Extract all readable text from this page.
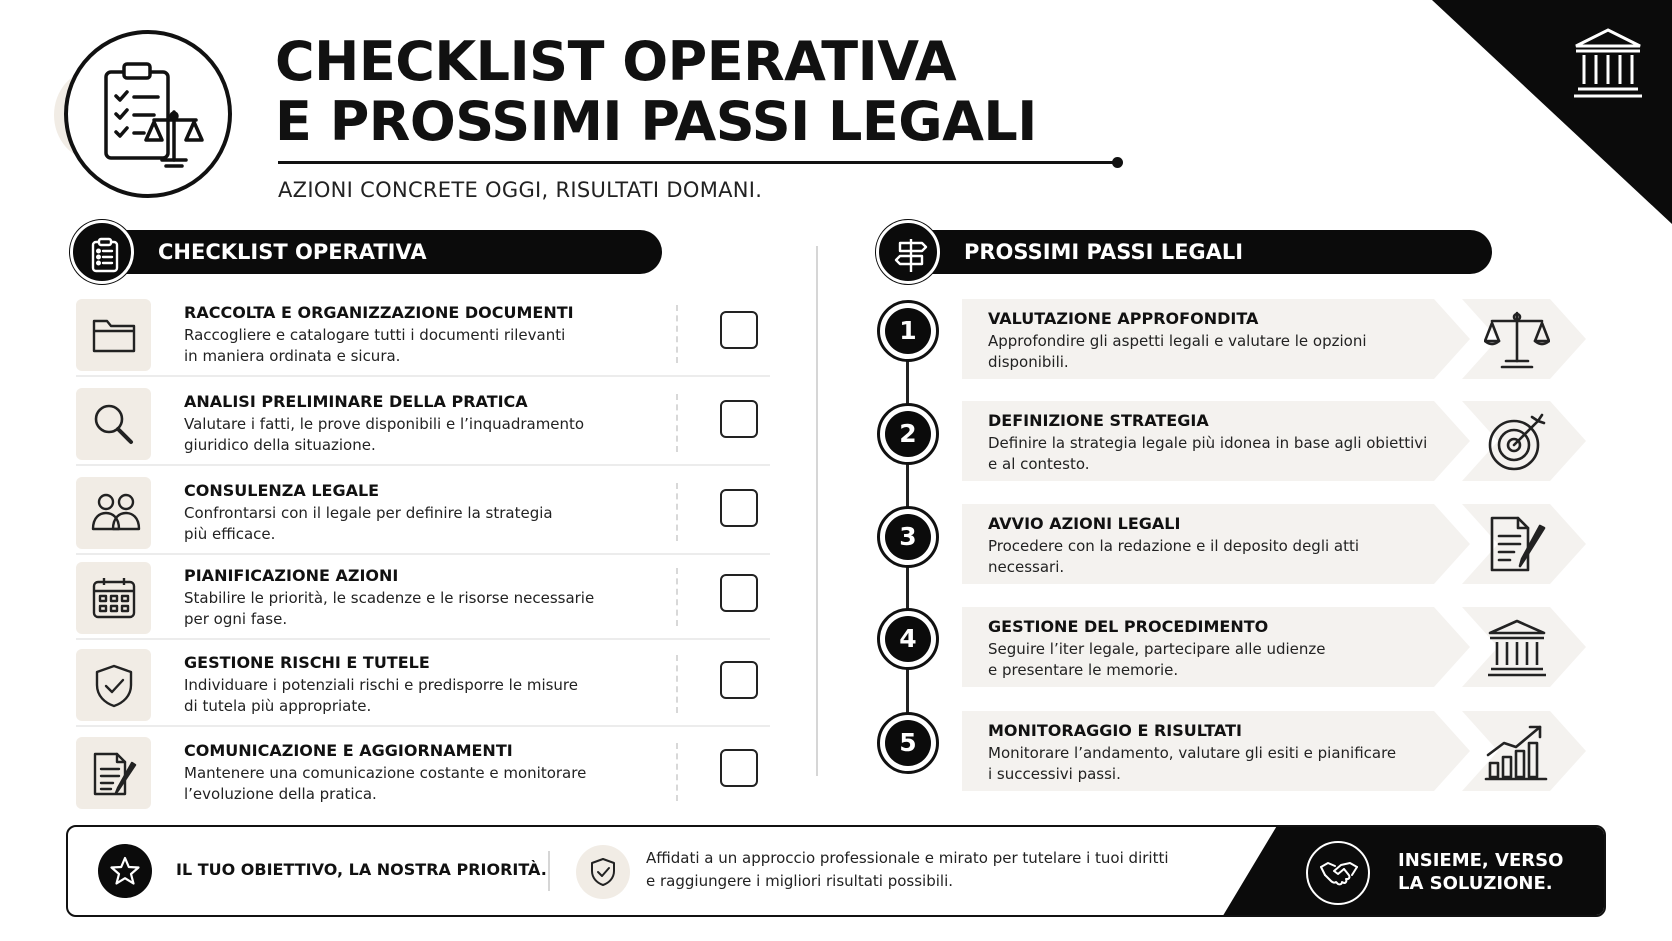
CHECKLIST OPERATIVA
E PROSSIMI PASSI LEGALI
AZIONI CONCRETE OGGI, RISULTATI DOMANI.
CHECKLIST OPERATIVA
RACCOLTA E ORGANIZZAZIONE DOCUMENTI
Raccogliere e catalogare tutti i documenti rilevanti
in maniera ordinata e sicura.
ANALISI PRELIMINARE DELLA PRATICA
Valutare i fatti, le prove disponibili e l’inquadramento
giuridico della situazione.
CONSULENZA LEGALE
Confrontarsi con il legale per definire la strategia
più efficace.
PIANIFICAZIONE AZIONI
Stabilire le priorità, le scadenze e le risorse necessarie
per ogni fase.
GESTIONE RISCHI E TUTELE
Individuare i potenziali rischi e predisporre le misure
di tutela più appropriate.
COMUNICAZIONE E AGGIORNAMENTI
Mantenere una comunicazione costante e monitorare
l’evoluzione della pratica.
PROSSIMI PASSI LEGALI
1	VALUTAZIONE APPROFONDITA
Approfondire gli aspetti legali e valutare le opzioni
disponibili.
2	DEFINIZIONE STRATEGIA
Definire la strategia legale più idonea in base agli obiettivi
e al contesto.
3	AVVIO AZIONI LEGALI
Procedere con la redazione e il deposito degli atti
necessari.
4	GESTIONE DEL PROCEDIMENTO
Seguire l’iter legale, partecipare alle udienze
e presentare le memorie.
5	MONITORAGGIO E RISULTATI
Monitorare l’andamento, valutare gli esiti e pianificare
i successivi passi.
IL TUO OBIETTIVO, LA NOSTRA PRIORITÀ.
Affidati a un approccio professionale e mirato per tutelare i tuoi diritti
e raggiungere i migliori risultati possibili.
INSIEME, VERSO
LA SOLUZIONE.
